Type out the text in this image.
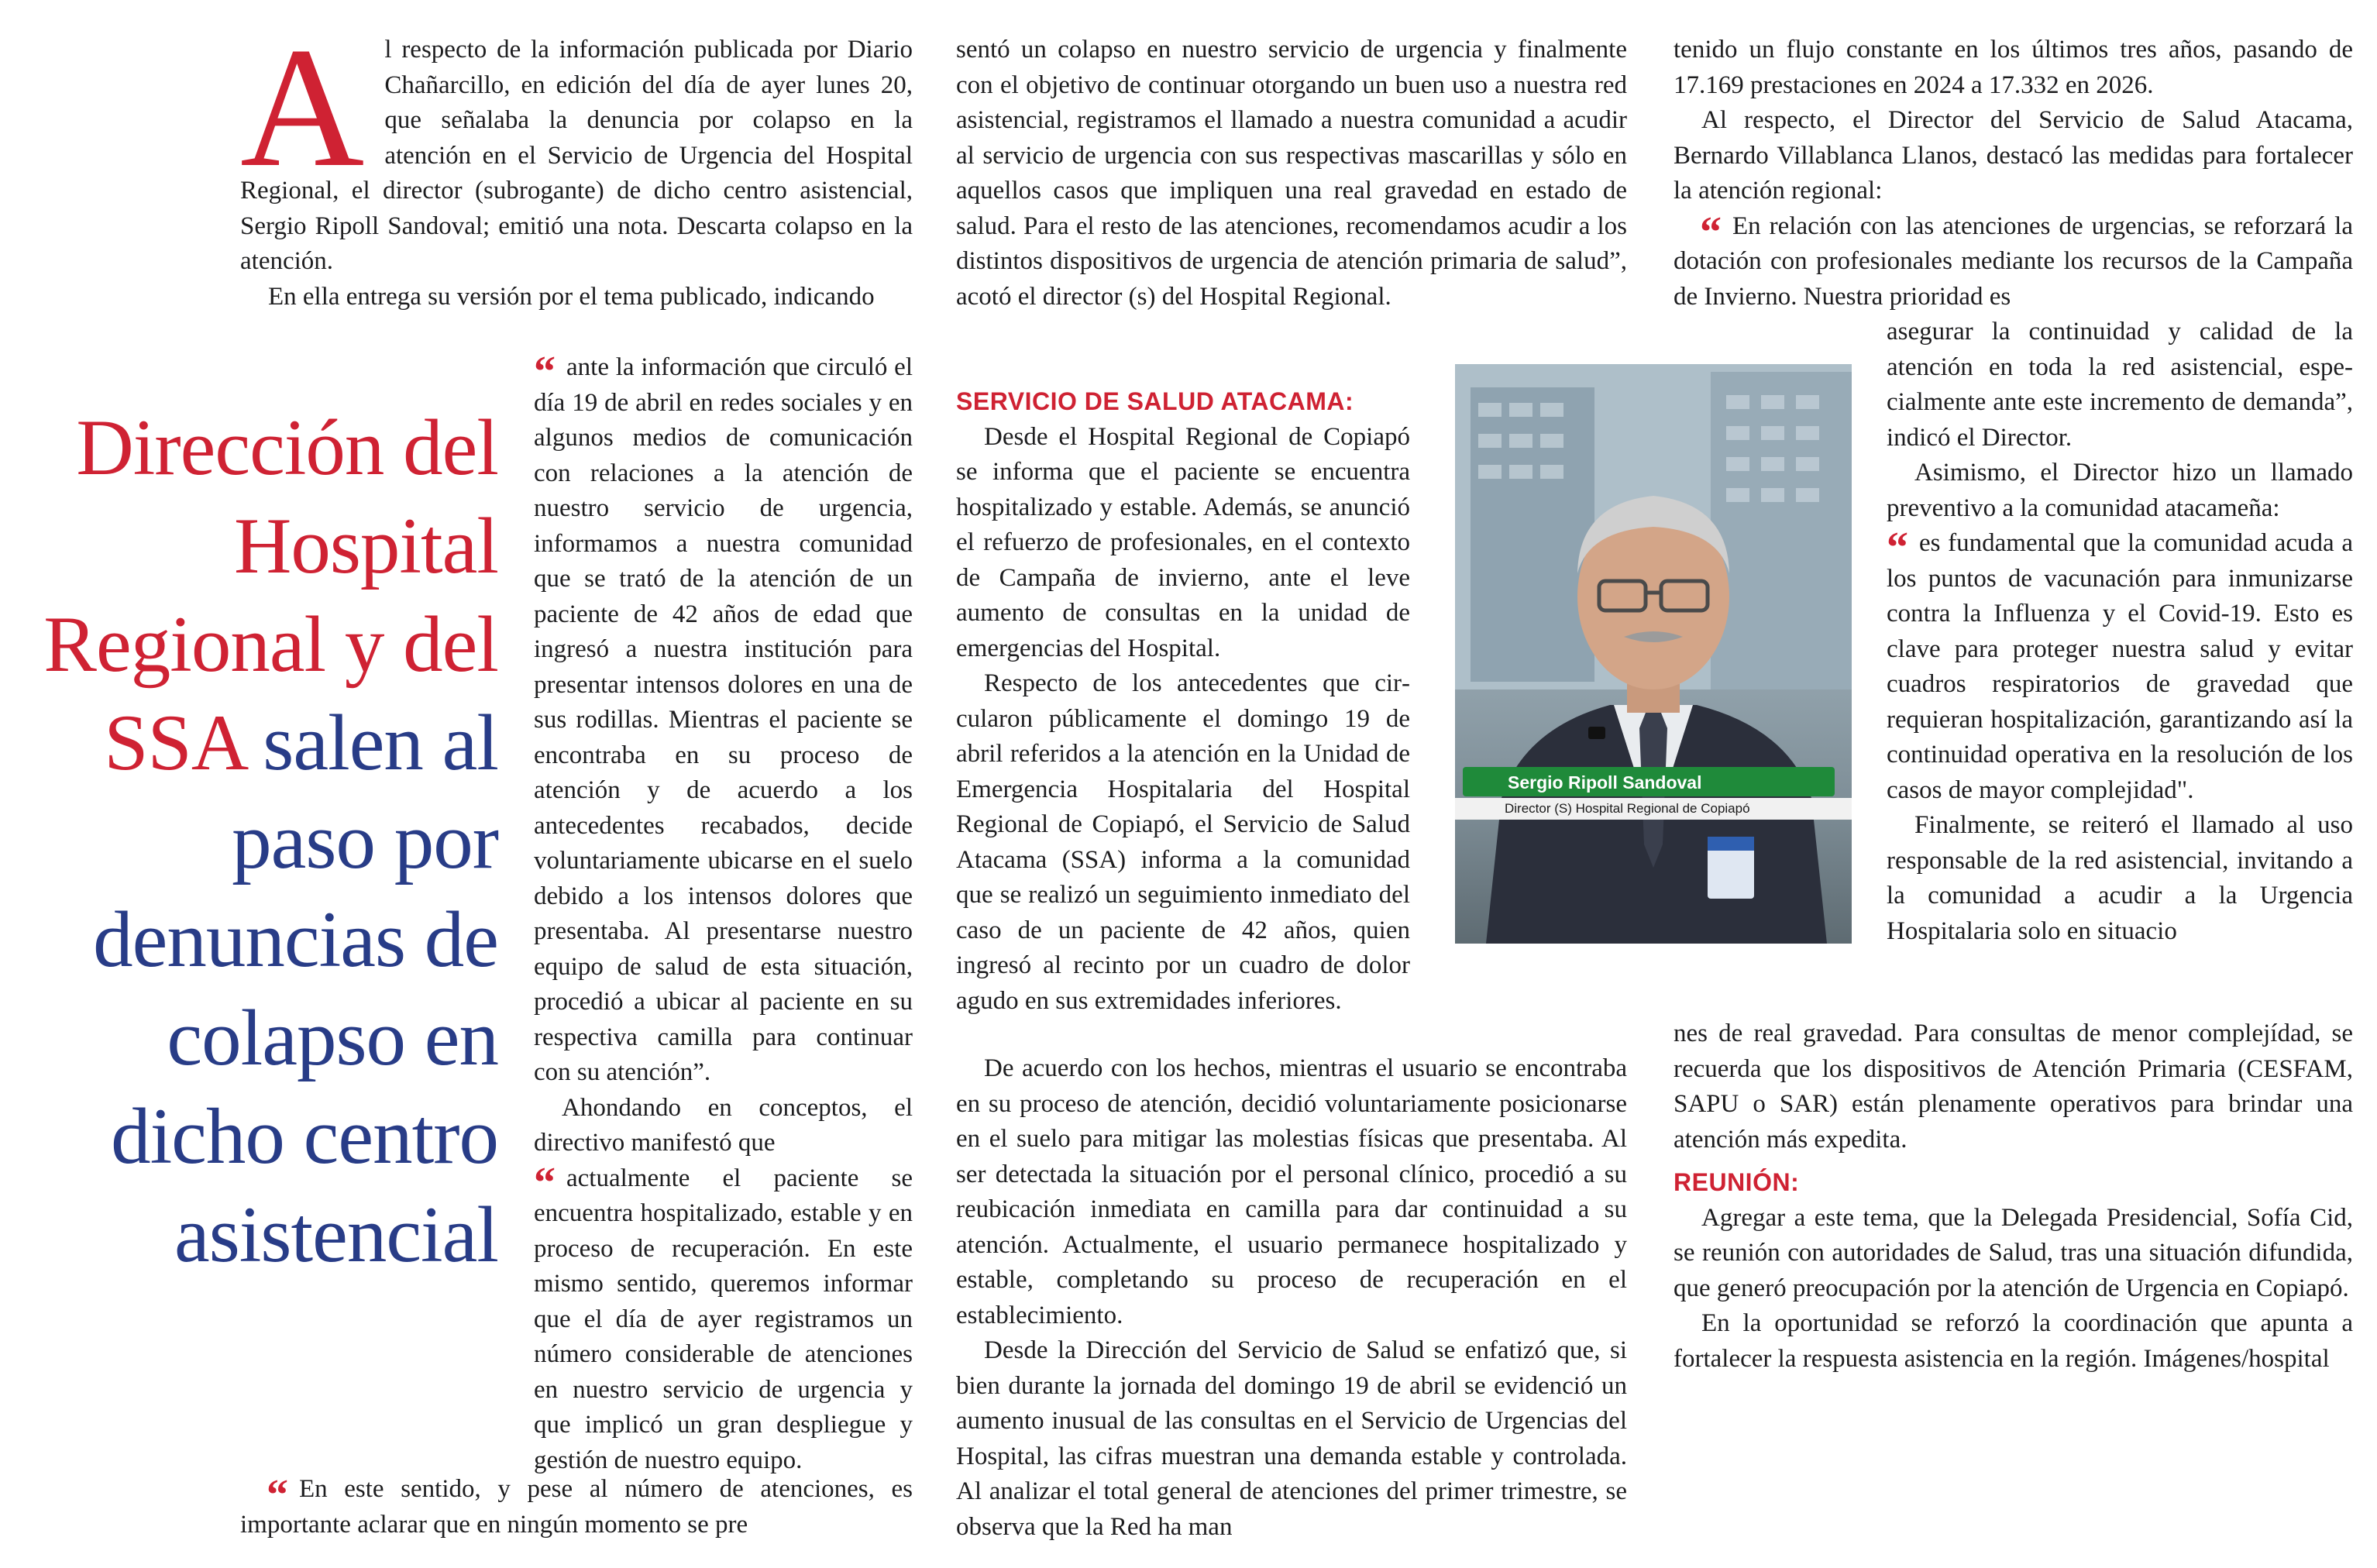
A l respecto de la información publicada por Diario Chañarcillo, en edición del día de ayer lunes 20, que señalaba la denuncia por colapso en la atención en el Servicio de Urgencia del Hospital Regional, el director (subrogante) de dicho centro asistencial, Sergio Ripoll Sandoval; emitió una nota. Descarta colapso en la atención.

En ella entrega su versión por el tema publicado, indicando

Dirección del Hospital Regional y del SSA salen al paso por denuncias de colapso en dicho centro asistencial

“ ante la información que circuló el día 19 de abril en redes sociales y en algunos medios de comunicación con relaciones a la atención de nuestro servicio de urgencia, informamos a nuestra comunidad que se trató de la atención de un paciente de 42 años de edad que ingresó a nuestra institución para presentar intensos dolores en una de sus rodillas. Mientras el paciente se encontraba en su proceso de atención y de acuerdo a los antecedentes recabados, decide voluntariamente ubicarse en el suelo debido a los intensos dolores que presentaba. Al presentarse nuestro equipo de salud de esta situación, procedió a ubicar al paciente en su respectiva camilla para continuar con su atención”.

Ahondando en conceptos, el directivo manifestó que

“ actualmente el paciente se encuentra hospitalizado, estable y en proceso de recuperación. En este mismo sentido, queremos informar que el día de ayer registramos un número considerable de atenciones en nuestro servicio de urgencia y que implicó un gran despliegue y gestión de nuestro equipo.

“ En este sentido, y pese al número de atenciones, es importante aclarar que en ningún momento se pre

sentó un colapso en nuestro servicio de urgencia y finalmente con el objetivo de continuar otorgando un buen uso a nuestra red asistencial, registramos el llamado a nuestra comunidad a acudir al servicio de urgencia con sus respectivas mascarillas y sólo en aquellos casos que impliquen una real gravedad en estado de salud. Para el resto de las atenciones, recomendamos acudir a los distintos dispositivos de urgencia de atención primaria de salud”, acotó el director (s) del Hospital Regional.

SERVICIO DE SALUD ATACAMA:

Desde el Hospital Regional de Copiapó se informa que el paciente se encuentra hospitalizado y estable. Además, se anunció el refuerzo de profesionales, en el contexto de Campaña de invierno, ante el leve aumento de consultas en la unidad de emergencias del Hospital.

Respecto de los antecedentes que circularon públicamente el domingo 19 de abril referidos a la atención en la Unidad de Emergencia Hospitalaria del Hospital Regional de Copiapó, el Servicio de Salud Atacama (SSA) informa a la comunidad que se realizó un seguimiento inmediato del caso de un paciente de 42 años, quien ingresó al recinto por un cuadro de dolor agudo en sus extremidades inferiores.

De acuerdo con los hechos, mientras el usuario se encontraba en su proceso de atención, decidió voluntariamente posicionarse en el suelo para mitigar las molestias físicas que presentaba. Al ser detectada la situación por el personal clínico, procedió a su reubicación inmediata en camilla para dar continuidad a su atención. Actualmente, el usuario permanece hospitalizado y estable, completando su proceso de recuperación en el establecimiento.

Desde la Dirección del Servicio de Salud se enfatizó que, si bien durante la jornada del domingo 19 de abril se evidenció un aumento inusual de las consultas en el Servicio de Urgencias del Hospital, las cifras muestran una demanda estable y controlada. Al analizar el total general de atenciones del primer trimestre, se observa que la Red ha man

Sergio Ripoll Sandoval
Director (S) Hospital Regional de Copiapó

tenido un flujo constante en los últimos tres años, pasando de 17.169 prestaciones en 2024 a 17.332 en 2026.

Al respecto, el Director del Servicio de Salud Atacama, Bernardo Villablanca Llanos, destacó las medidas para fortalecer la atención regional:

“ En relación con las atenciones de urgencias, se reforzará la dotación con profesionales mediante los recursos de la Campaña de Invierno. Nuestra prioridad es

asegurar la continuidad y calidad de la atención en toda la red asistencial, especialmente ante este incremento de demanda”, indicó el Director.

Asimismo, el Director hizo un llamado preventivo a la comunidad atacameña:

“ es fundamental que la comunidad acuda a los puntos de vacunación para inmunizarse contra la Influenza y el Covid-19. Esto es clave para proteger nuestra salud y evitar cuadros respiratorios de gravedad que requieran hospitalización, garantizando así la continuidad operativa en la resolución de los casos de mayor complejidad".

Finalmente, se reiteró el llamado al uso responsable de la red asistencial, invitando a la comunidad a acudir a la Urgencia Hospitalaria solo en situacio

nes de real gravedad. Para consultas de menor complejídad, se recuerda que los dispositivos de Atención Primaria (CESFAM, SAPU o SAR) están plenamente operativos para brindar una atención más expedita.

REUNIÓN:

Agregar a este tema, que la Delegada Presidencial, Sofía Cid, se reunión con autoridades de Salud, tras una situación difundida, que generó preocupación por la atención de Urgencia en Copiapó.

En la oportunidad se reforzó la coordinación que apunta a fortalecer la respuesta asistencia en la región. Imágenes/hospital
